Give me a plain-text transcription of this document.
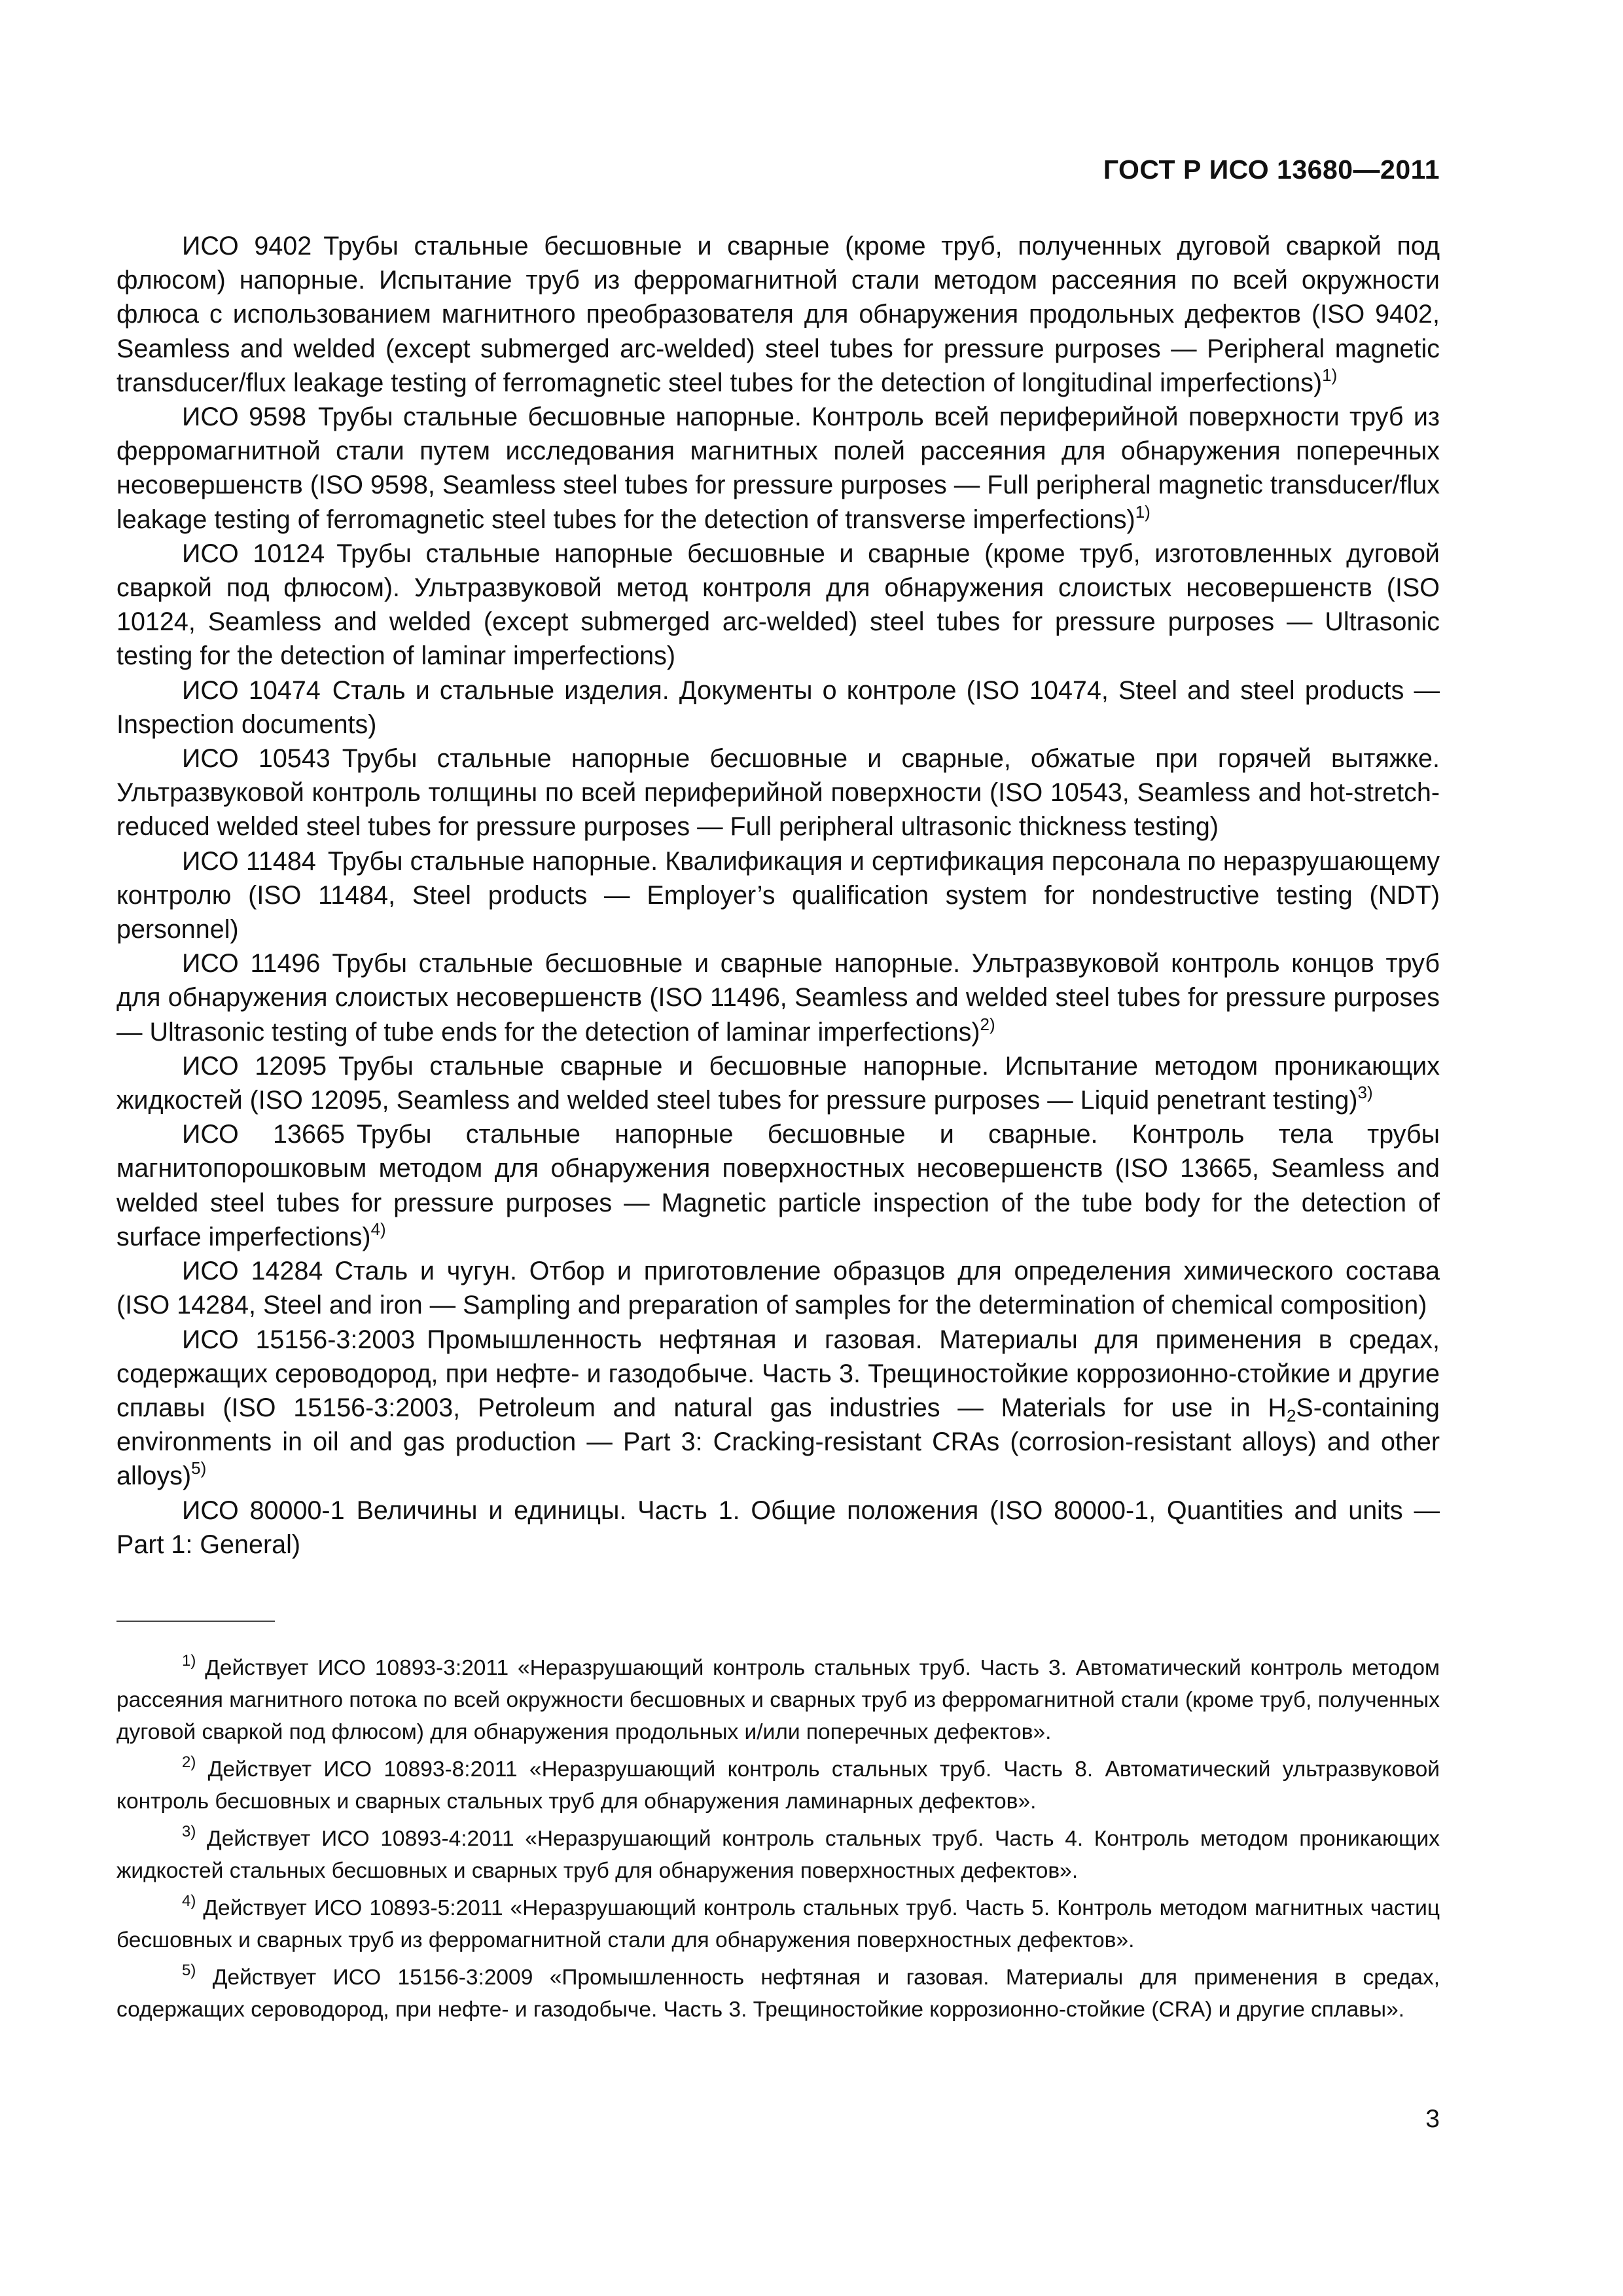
ГОСТ Р ИСО 13680—2011

ИСО 9402 Трубы стальные бесшовные и сварные (кроме труб, полученных дуговой сваркой под флюсом) напорные. Испытание труб из ферромагнитной стали методом рассеяния по всей окружности флюса с использованием магнитного преобразователя для обнаружения продольных дефектов (ISO 9402, Seamless and welded (except submerged arc-welded) steel tubes for pressure purposes — Peripheral magnetic transducer/flux leakage testing of ferromagnetic steel tubes for the detection of longitudinal imperfections)$^{1)}$

ИСО 9598 Трубы стальные бесшовные напорные. Контроль всей периферийной поверхности труб из ферромагнитной стали путем исследования магнитных полей рассеяния для обнаружения поперечных несовершенств (ISO 9598, Seamless steel tubes for pressure purposes — Full peripheral magnetic transducer/flux leakage testing of ferromagnetic steel tubes for the detection of transverse imperfections)$^{1)}$

ИСО 10124 Трубы стальные напорные бесшовные и сварные (кроме труб, изготовленных дуговой сваркой под флюсом). Ультразвуковой метод контроля для обнаружения слоистых несовершенств (ISO 10124, Seamless and welded (except submerged arc-welded) steel tubes for pressure purposes — Ultrasonic testing for the detection of laminar imperfections)

ИСО 10474 Сталь и стальные изделия. Документы о контроле (ISO 10474, Steel and steel products — Inspection documents)

ИСО 10543 Трубы стальные напорные бесшовные и сварные, обжатые при горячей вытяжке. Ультразвуковой контроль толщины по всей периферийной поверхности (ISO 10543, Seamless and hot-stretch-reduced welded steel tubes for pressure purposes — Full peripheral ultrasonic thickness testing)

ИСО 11484 Трубы стальные напорные. Квалификация и сертификация персонала по неразрушающему контролю (ISO 11484, Steel products — Employer’s qualification system for nondestructive testing (NDT) personnel)

ИСО 11496 Трубы стальные бесшовные и сварные напорные. Ультразвуковой контроль концов труб для обнаружения слоистых несовершенств (ISO 11496, Seamless and welded steel tubes for pressure purposes — Ultrasonic testing of tube ends for the detection of laminar imperfections)$^{2)}$

ИСО 12095 Трубы стальные сварные и бесшовные напорные. Испытание методом проникающих жидкостей (ISO 12095, Seamless and welded steel tubes for pressure purposes — Liquid penetrant testing)$^{3)}$

ИСО 13665 Трубы стальные напорные бесшовные и сварные. Контроль тела трубы магнитопорошковым методом для обнаружения поверхностных несовершенств (ISO 13665, Seamless and welded steel tubes for pressure purposes — Magnetic particle inspection of the tube body for the detection of surface imperfections)$^{4)}$

ИСО 14284 Сталь и чугун. Отбор и приготовление образцов для определения химического состава (ISO 14284, Steel and iron — Sampling and preparation of samples for the determination of chemical composition)

ИСО 15156-3:2003 Промышленность нефтяная и газовая. Материалы для применения в средах, содержащих сероводород, при нефте- и газодобыче. Часть 3. Трещиностойкие коррозионно-стойкие и другие сплавы (ISO 15156-3:2003, Petroleum and natural gas industries — Materials for use in $H_2S$-containing environments in oil and gas production — Part 3: Cracking-resistant CRAs (corrosion-resistant alloys) and other alloys)$^{5)}$

ИСО 80000-1 Величины и единицы. Часть 1. Общие положения (ISO 80000-1, Quantities and units — Part 1: General)

$^{1)}$ Действует ИСО 10893-3:2011 «Неразрушающий контроль стальных труб. Часть 3. Автоматический контроль методом рассеяния магнитного потока по всей окружности бесшовных и сварных труб из ферромагнитной стали (кроме труб, полученных дуговой сваркой под флюсом) для обнаружения продольных и/или поперечных дефектов».

$^{2)}$ Действует ИСО 10893-8:2011 «Неразрушающий контроль стальных труб. Часть 8. Автоматический ультразвуковой контроль бесшовных и сварных стальных труб для обнаружения ламинарных дефектов».

$^{3)}$ Действует ИСО 10893-4:2011 «Неразрушающий контроль стальных труб. Часть 4. Контроль методом проникающих жидкостей стальных бесшовных и сварных труб для обнаружения поверхностных дефектов».

$^{4)}$ Действует ИСО 10893-5:2011 «Неразрушающий контроль стальных труб. Часть 5. Контроль методом магнитных частиц бесшовных и сварных труб из ферромагнитной стали для обнаружения поверхностных дефектов».

$^{5)}$ Действует ИСО 15156-3:2009 «Промышленность нефтяная и газовая. Материалы для применения в средах, содержащих сероводород, при нефте- и газодобыче. Часть 3. Трещиностойкие коррозионно-стойкие (CRA) и другие сплавы».

3
